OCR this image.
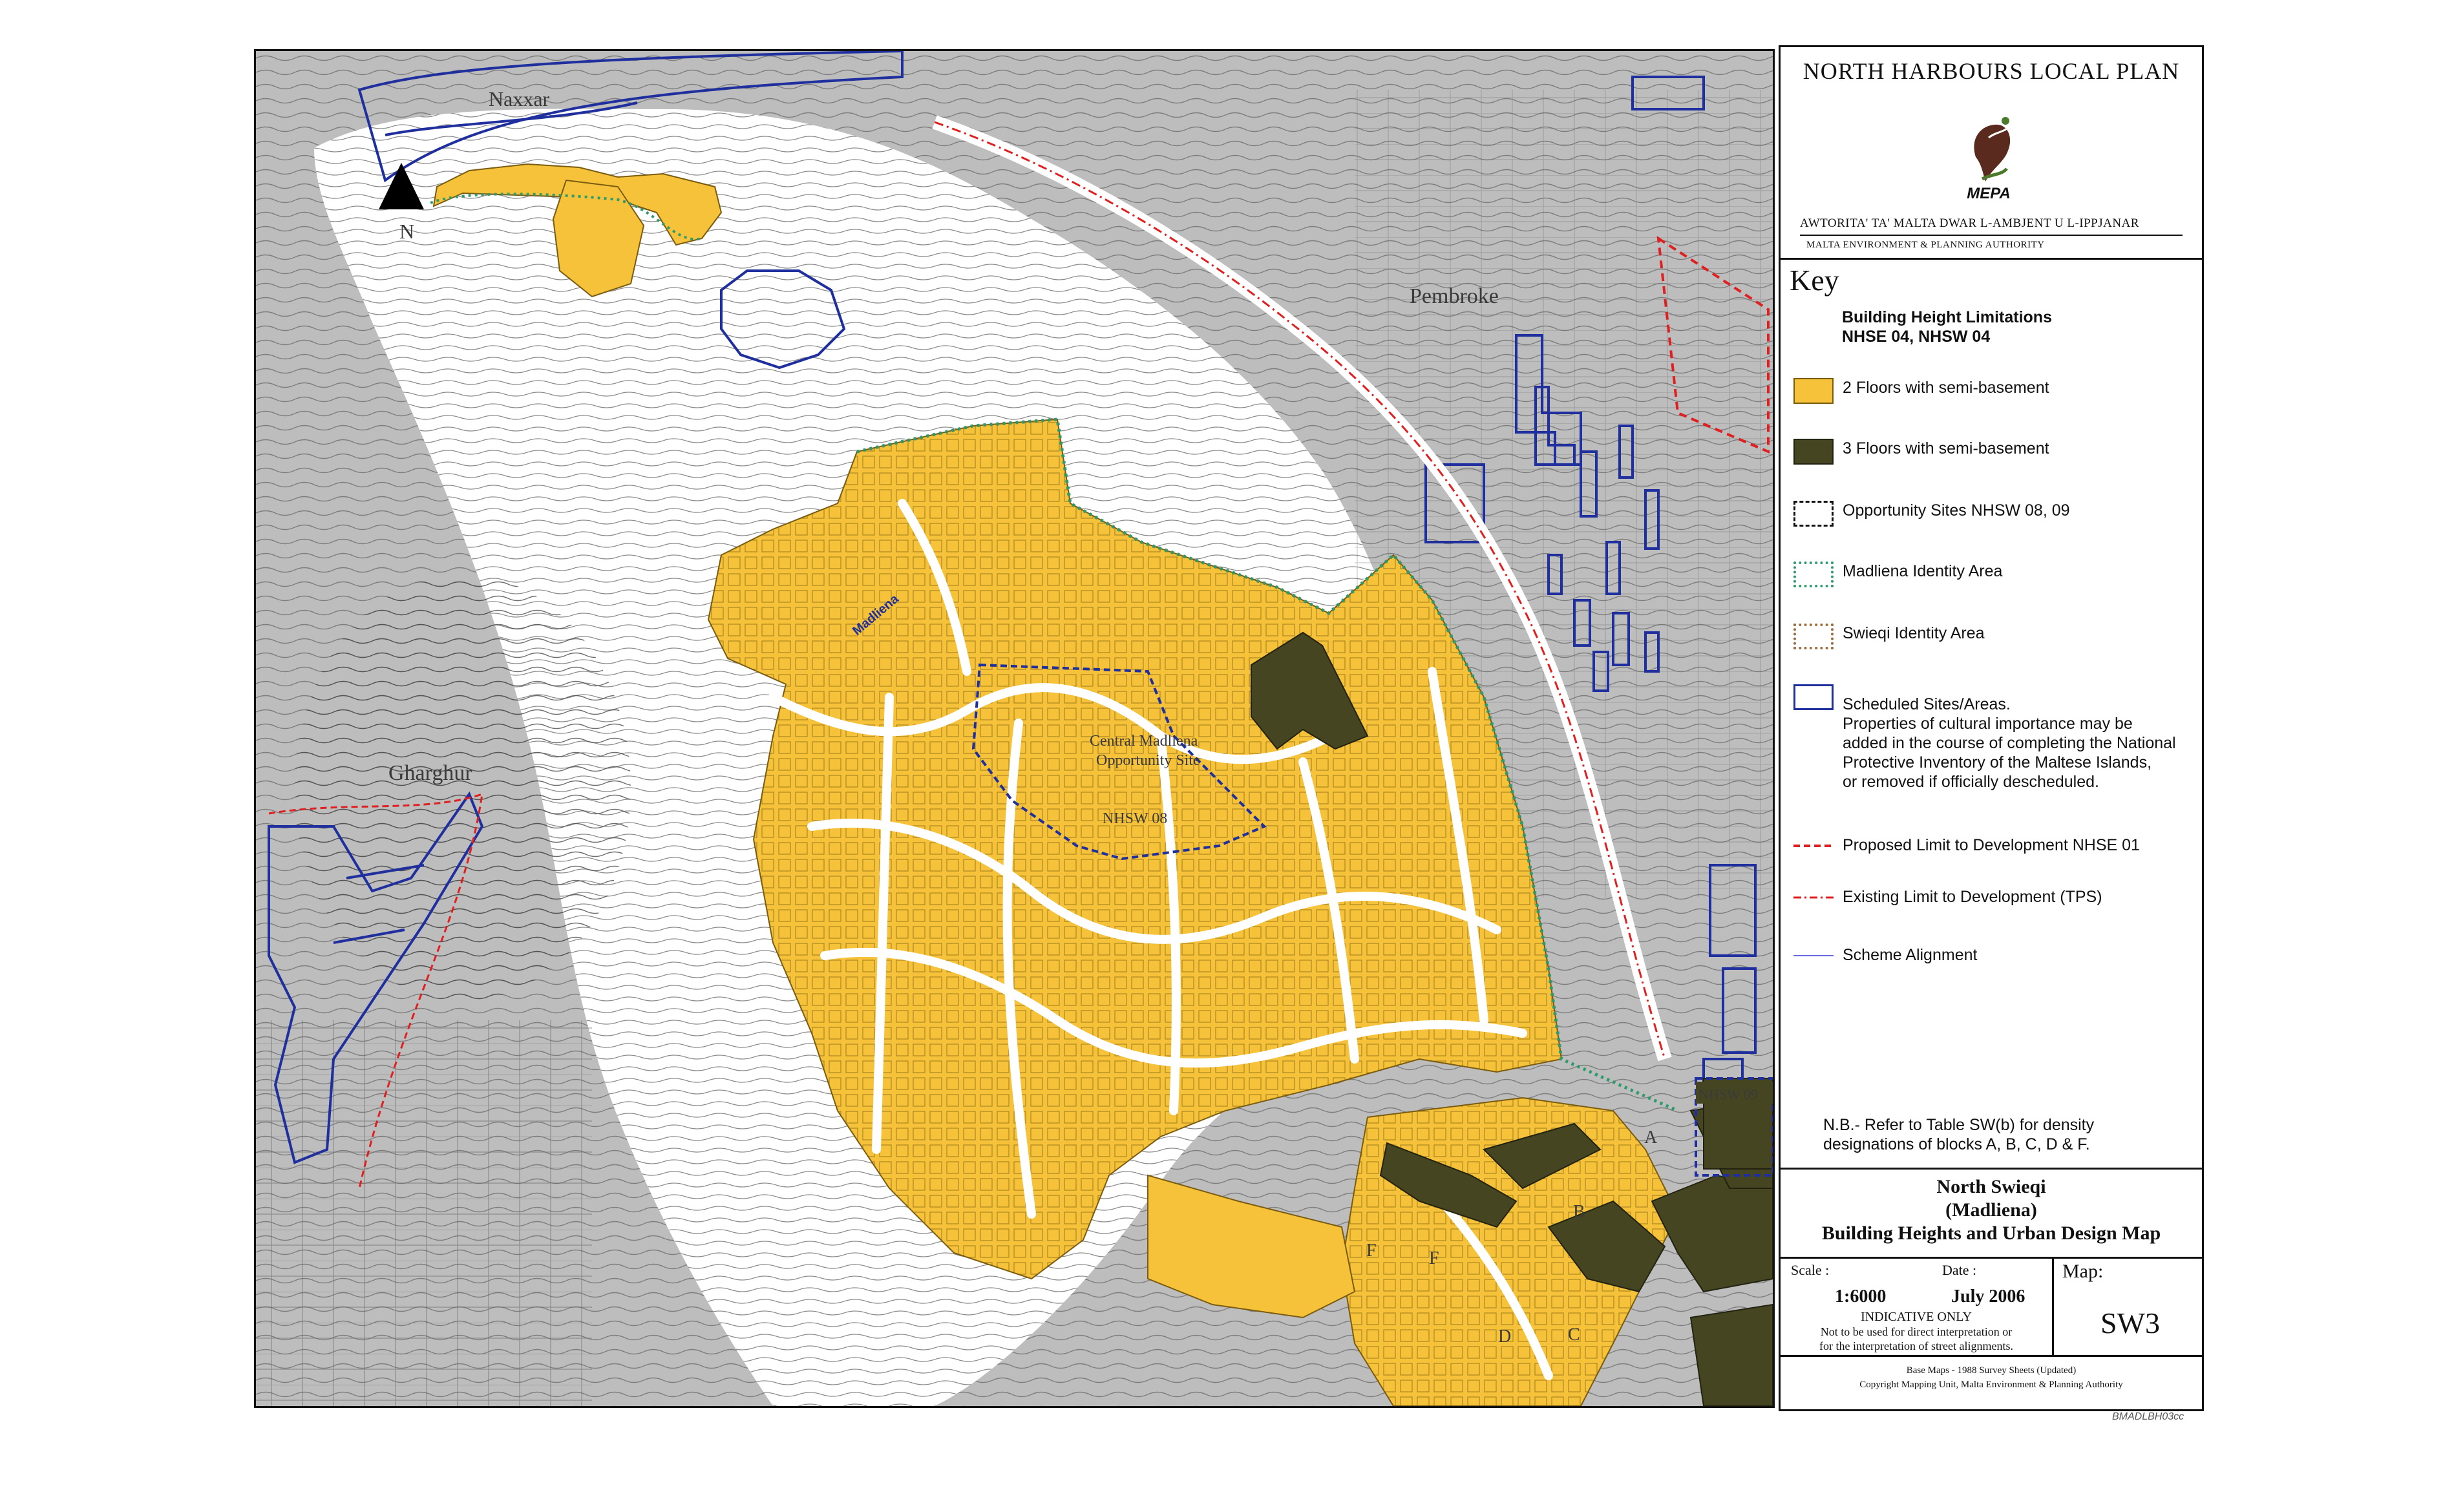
N
Naxxar
Pembroke
Gharghur
Central Madliena
Opportunity Site
NHSW 08
Madliena
NHSW 09
A
B
C
D
F	F
NORTH HARBOURS LOCAL PLAN
MEPA
AWTORITA' TA' MALTA DWAR L-AMBJENT U L-IPPJANAR
MALTA ENVIRONMENT & PLANNING AUTHORITY
Key
Building Height Limitations
NHSE 04, NHSW 04
2 Floors with semi-basement
3 Floors with semi-basement
Opportunity Sites NHSW 08, 09
Madliena Identity Area
Swieqi Identity Area
Scheduled Sites/Areas.
Properties of cultural importance may be
added in the course of completing the National
Protective Inventory of the Maltese Islands,
or removed if officially descheduled.
Proposed Limit to Development NHSE 01
Existing Limit to Development (TPS)
Scheme Alignment
N.B.- Refer to Table SW(b) for density
designations of blocks A, B, C, D & F.
North Swieqi
(Madliena)
Building Heights and Urban Design Map
Scale :	Date :
1:6000	July 2006
INDICATIVE ONLY
Not to be used for direct interpretation or
for the interpretation of street alignments.
Map:
SW3
Base Maps - 1988 Survey Sheets (Updated)
Copyright Mapping Unit, Malta Environment & Planning Authority
BMADLBH03cc
